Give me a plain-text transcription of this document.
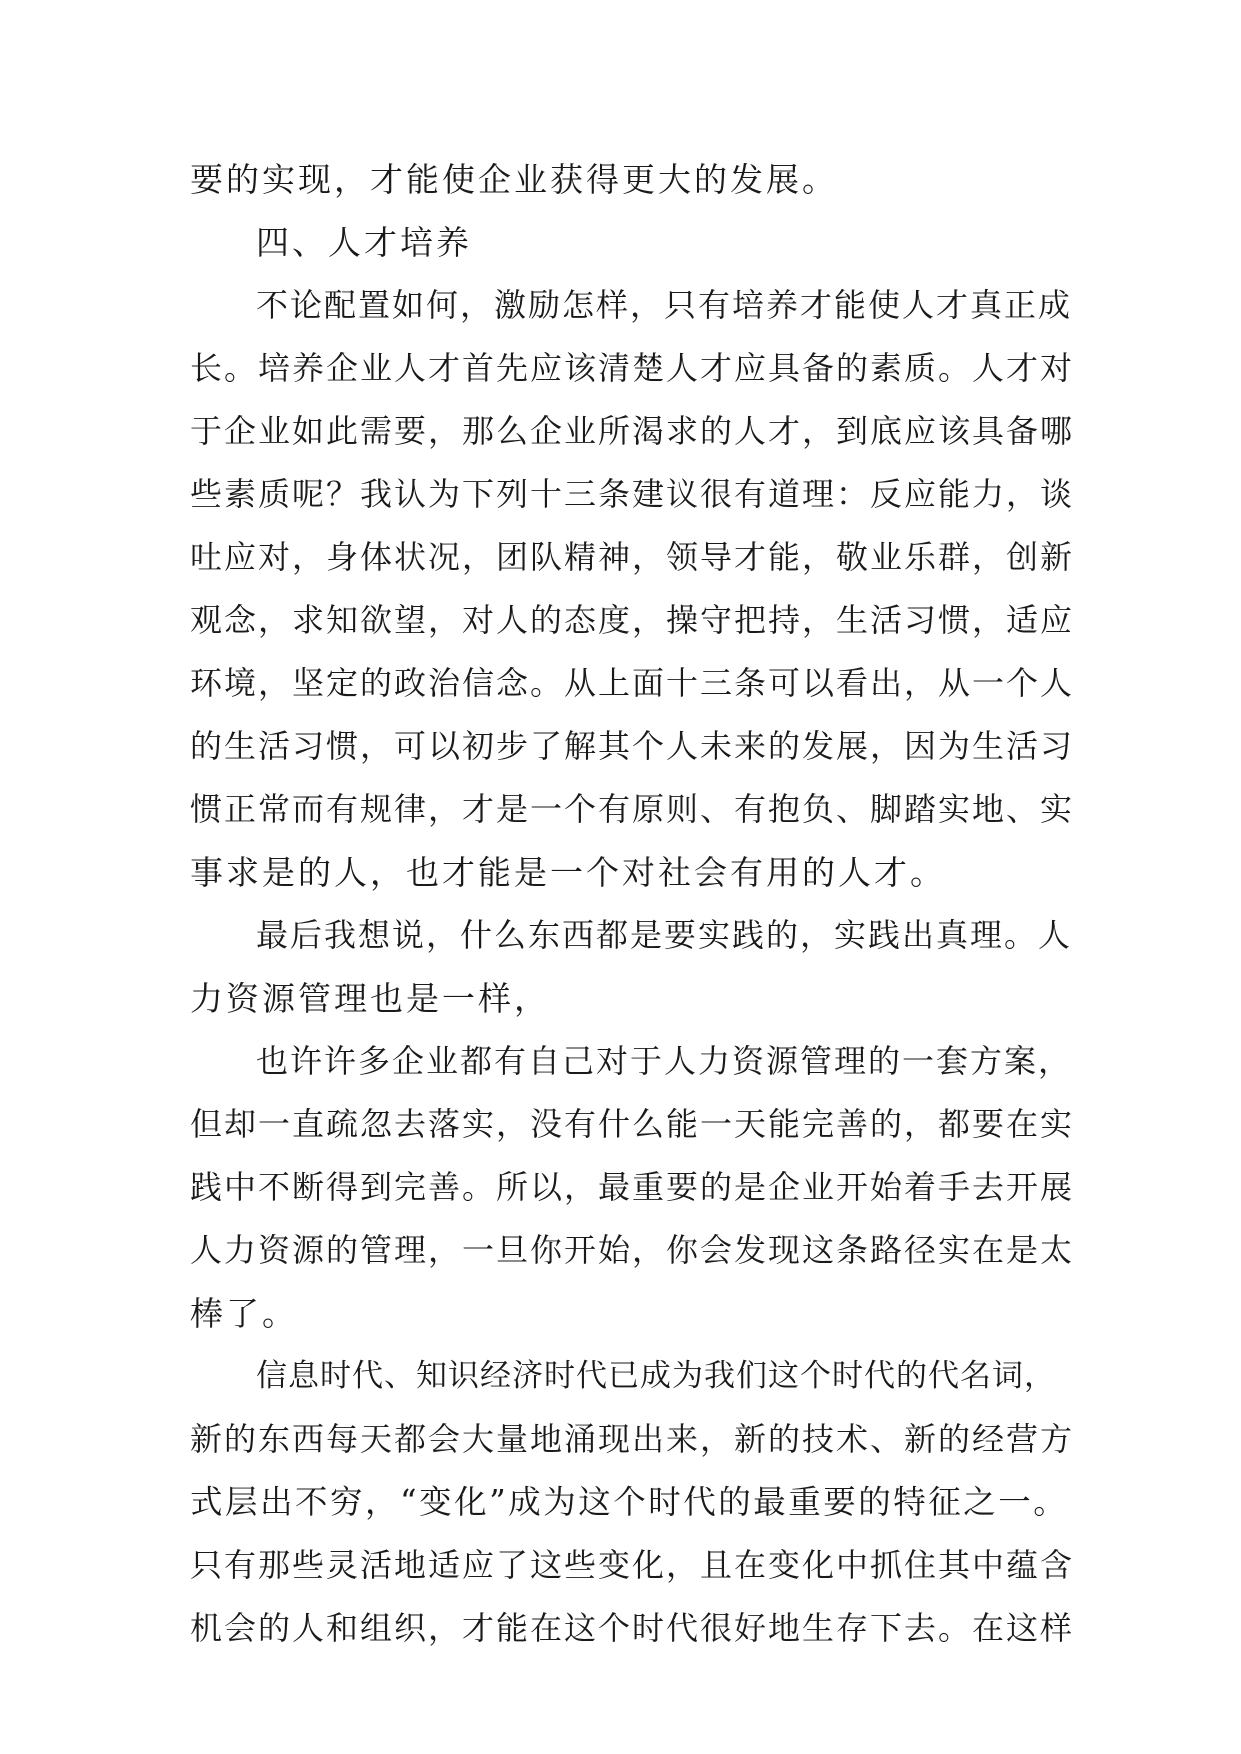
要的实现，才能使企业获得更大的发展。
四、人才培养
不论配置如何，激励怎样，只有培养才能使人才真正成
长。培养企业人才首先应该清楚人才应具备的素质。人才对
于企业如此需要，那么企业所渴求的人才，到底应该具备哪
些素质呢？我认为下列十三条建议很有道理：反应能力，谈
吐应对，身体状况，团队精神，领导才能，敬业乐群，创新
观念，求知欲望，对人的态度，操守把持，生活习惯，适应
环境，坚定的政治信念。从上面十三条可以看出，从一个人
的生活习惯，可以初步了解其个人未来的发展，因为生活习
惯正常而有规律，才是一个有原则、有抱负、脚踏实地、实
事求是的人，也才能是一个对社会有用的人才。
最后我想说，什么东西都是要实践的，实践出真理。人
力资源管理也是一样，
也许许多企业都有自己对于人力资源管理的一套方案，
但却一直疏忽去落实，没有什么能一天能完善的，都要在实
践中不断得到完善。所以，最重要的是企业开始着手去开展
人力资源的管理，一旦你开始，你会发现这条路径实在是太
棒了。
信息时代、知识经济时代已成为我们这个时代的代名词，
新的东西每天都会大量地涌现出来，新的技术、新的经营方
式层出不穷，“变化”成为这个时代的最重要的特征之一。
只有那些灵活地适应了这些变化，且在变化中抓住其中蕴含
机会的人和组织，才能在这个时代很好地生存下去。在这样
